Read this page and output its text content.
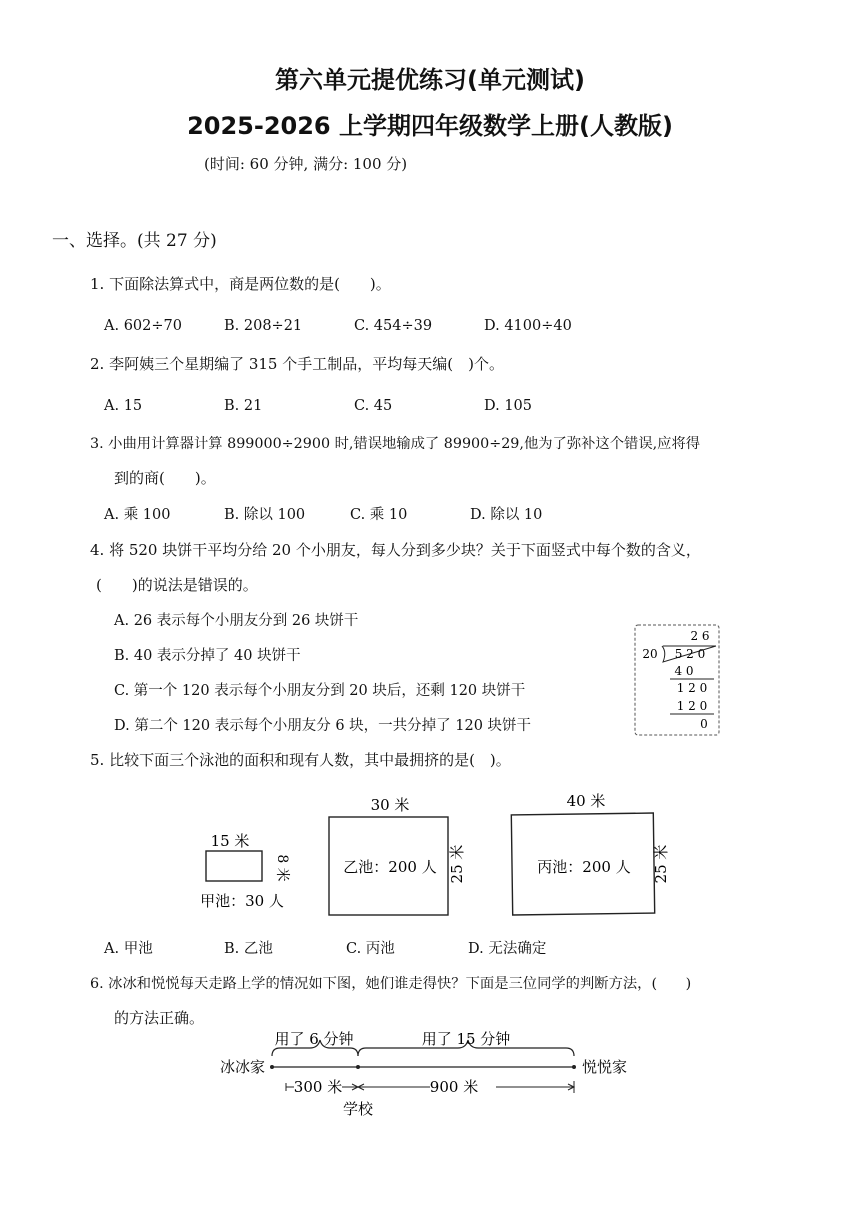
第六单元提优练习(单元测试)
2025-2026 上学期四年级数学上册(人教版)
(时间: 60 分钟, 满分: 100 分)
一、选择。(共 27 分)
1. 下面除法算式中，商是两位数的是(　　)。
A. 602÷70	B. 208÷21	C. 454÷39	D. 4100÷40
2. 李阿姨三个星期编了 315 个手工制品，平均每天编(　)个。
A. 15	B. 21	C. 45	D. 105
3. 小曲用计算器计算 899000÷2900 时,错误地输成了 89900÷29,他为了弥补这个错误,应将得
到的商(　　)。
A. 乘 100	B. 除以 100	C. 乘 10	D. 除以 10
4. 将 520 块饼干平均分给 20 个小朋友，每人分到多少块？关于下面竖式中每个数的含义，
(　　)的说法是错误的。
A. 26 表示每个小朋友分到 26 块饼干
B. 40 表示分掉了 40 块饼干
C. 第一个 120 表示每个小朋友分到 20 块后，还剩 120 块饼干
D. 第二个 120 表示每个小朋友分 6 块，一共分掉了 120 块饼干
2 6
20 5 2 0
4 0
1 2 0
1 2 0
0
5. 比较下面三个泳池的面积和现有人数，其中最拥挤的是(　)。
15 米
8 米
甲池：30 人
30 米
乙池：200 人 25 米
40 米
丙池：200 人 25 米
A. 甲池	B. 乙池	C. 丙池	D. 无法确定
6. 冰冰和悦悦每天走路上学的情况如下图，她们谁走得快？下面是三位同学的判断方法，(　　)
的方法正确。
用了 6 分钟	用了 15 分钟
冰冰家	悦悦家
300 米	900 米
学校
